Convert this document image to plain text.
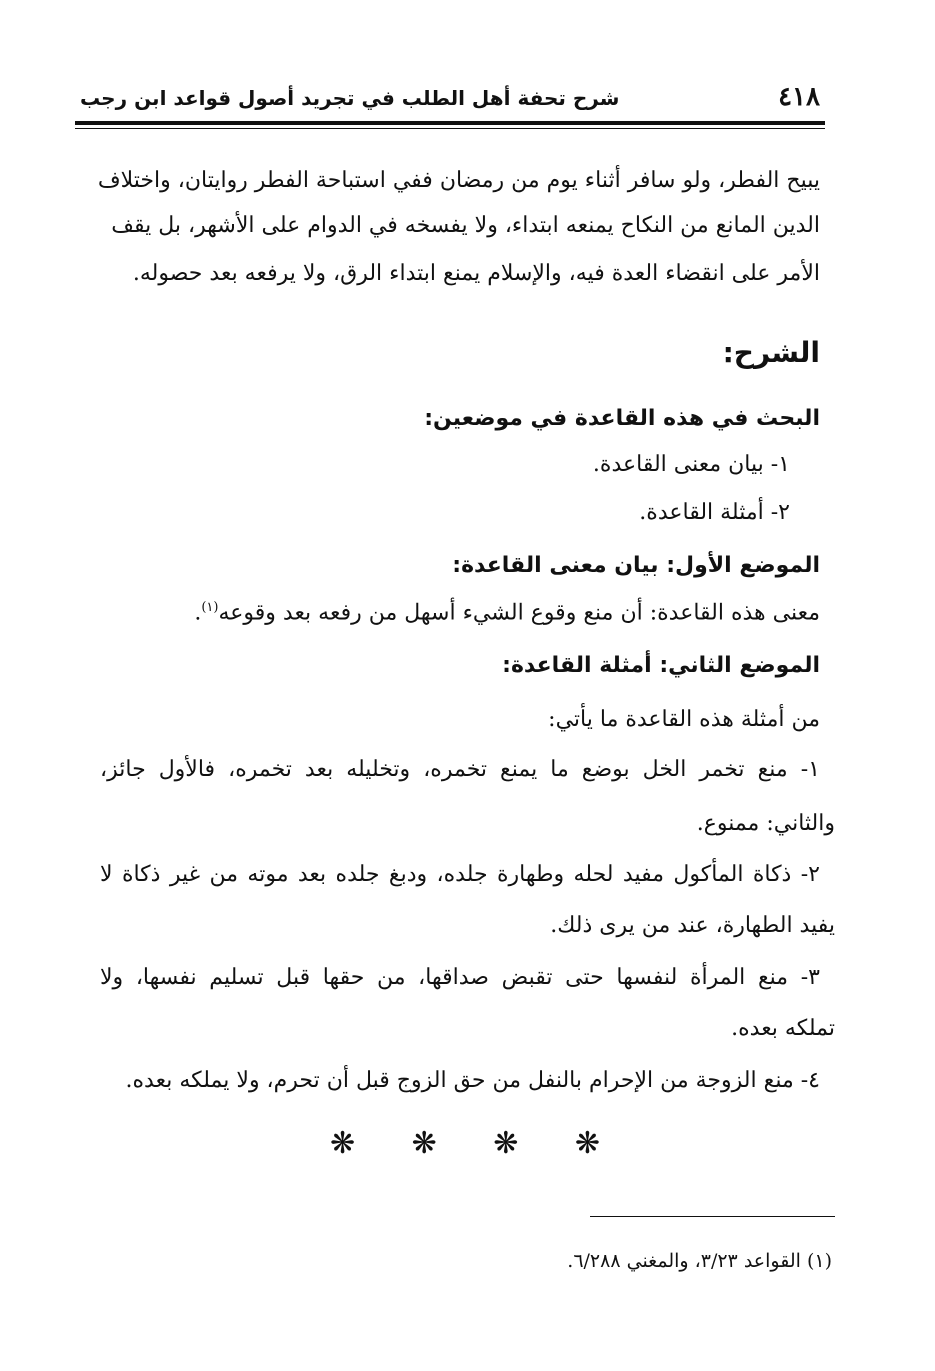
٤١٨
شرح تحفة أهل الطلب في تجريد أصول قواعد ابن رجب
يبيح الفطر، ولو سافر أثناء يوم من رمضان ففي استباحة الفطر روايتان، واختلاف
الدين المانع من النكاح يمنعه ابتداء، ولا يفسخه في الدوام على الأشهر، بل يقف
الأمر على انقضاء العدة فيه، والإسلام يمنع ابتداء الرق، ولا يرفعه بعد حصوله.
الشرح:
البحث في هذه القاعدة في موضعين:
١- بيان معنى القاعدة.
٢- أمثلة القاعدة.
الموضع الأول: بيان معنى القاعدة:
معنى هذه القاعدة: أن منع وقوع الشيء أسهل من رفعه بعد وقوعه$^{(١)}$.
الموضع الثاني: أمثلة القاعدة:
من أمثلة هذه القاعدة ما يأتي:
١- منع تخمر الخل بوضع ما يمنع تخمره، وتخليله بعد تخمره، فالأول جائز،
والثاني: ممنوع.
٢- ذكاة المأكول مفيد لحله وطهارة جلده، ودبغ جلده بعد موته من غير ذكاة لا
يفيد الطهارة، عند من يرى ذلك.
٣- منع المرأة لنفسها حتى تقبض صداقها، من حقها قبل تسليم نفسها، ولا
تملكه بعده.
٤- منع الزوجة من الإحرام بالنفل من حق الزوج قبل أن تحرم، ولا يملكه بعده.
❋ ❋ ❋ ❋
(١) القواعد ٣/٢٣، والمغني ٦/٢٨٨.
